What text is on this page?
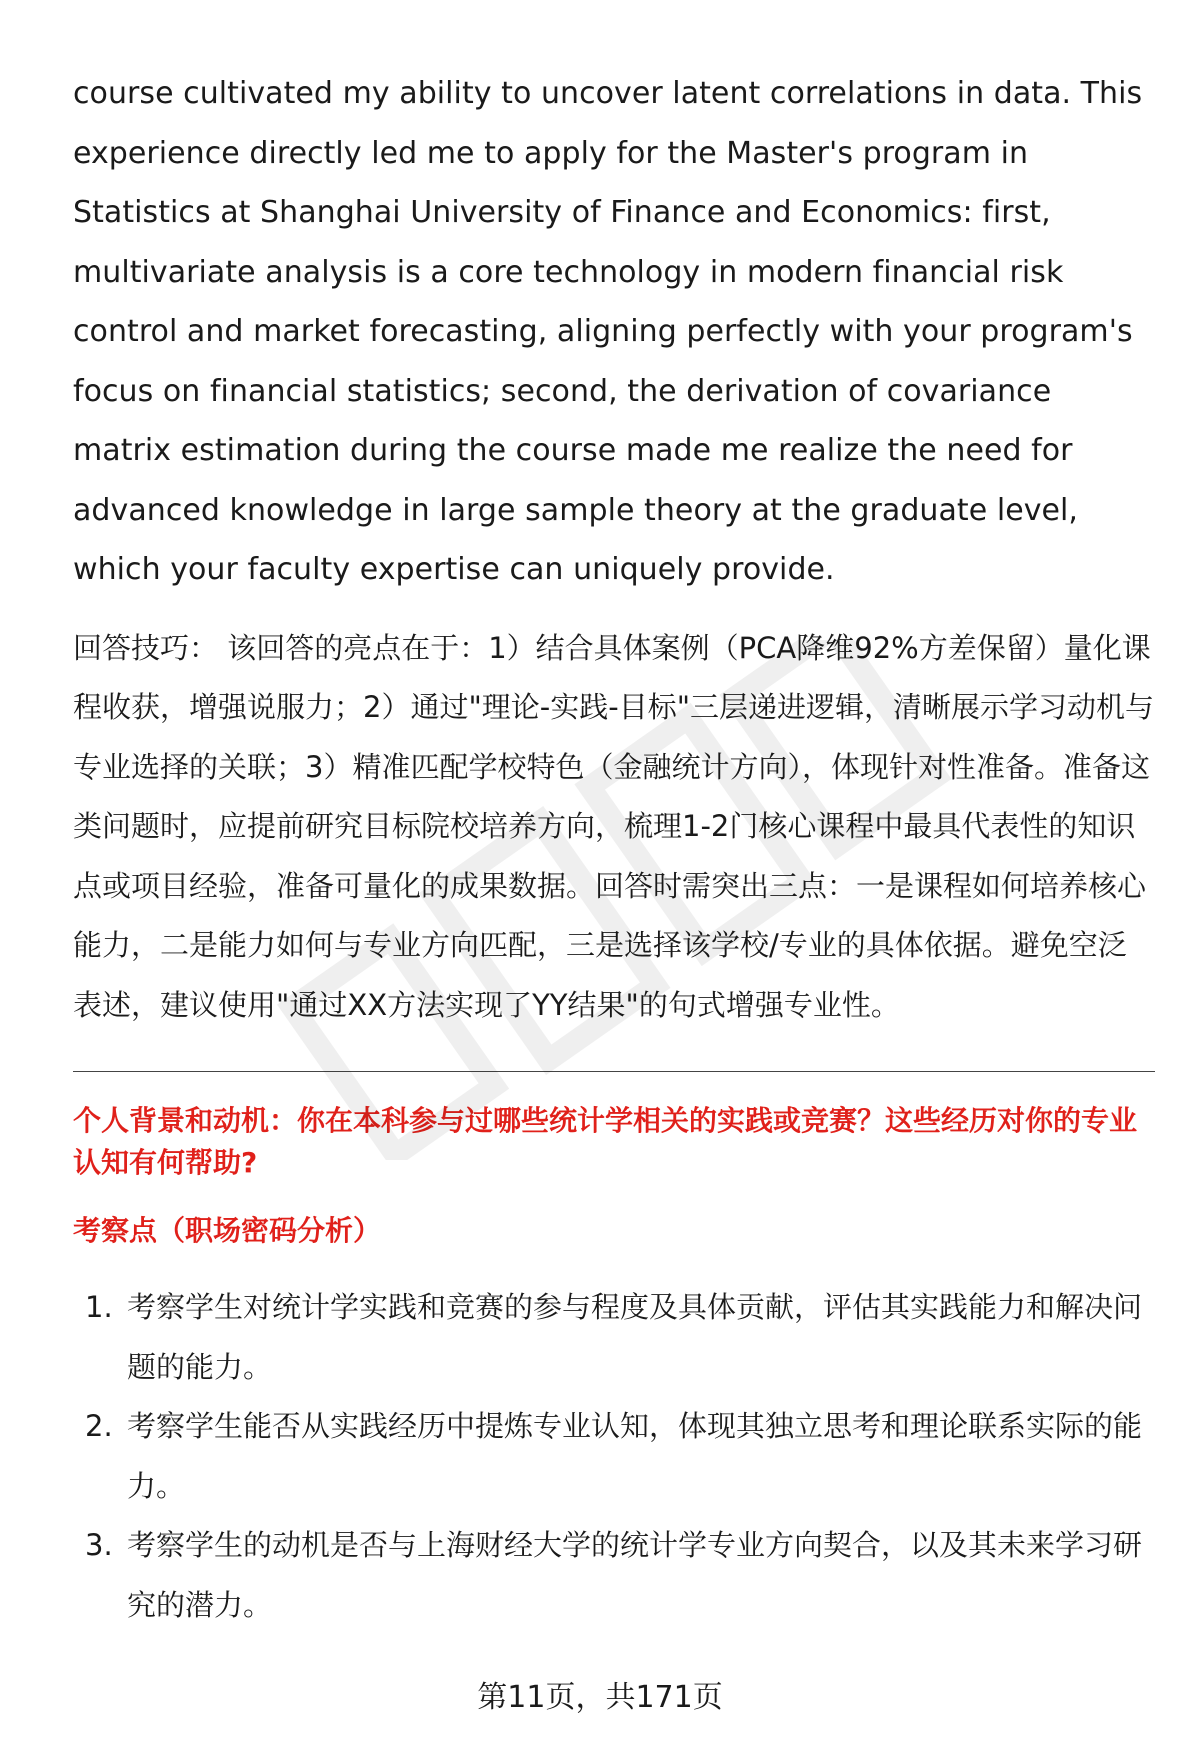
course cultivated my ability to uncover latent correlations in data. This experience directly led me to apply for the Master's program in Statistics at Shanghai University of Finance and Economics: first, multivariate analysis is a core technology in modern financial risk control and market forecasting, aligning perfectly with your program's focus on financial statistics; second, the derivation of covariance matrix estimation during the course made me realize the need for advanced knowledge in large sample theory at the graduate level, which your faculty expertise can uniquely provide.

回答技巧： 该回答的亮点在于：1）结合具体案例（PCA降维92%方差保留）量化课程收获，增强说服力；2）通过"理论-实践-目标"三层递进逻辑，清晰展示学习动机与专业选择的关联；3）精准匹配学校特色（金融统计方向），体现针对性准备。准备这类问题时，应提前研究目标院校培养方向，梳理1-2门核心课程中最具代表性的知识点或项目经验，准备可量化的成果数据。回答时需突出三点：一是课程如何培养核心能力，二是能力如何与专业方向匹配，三是选择该学校/专业的具体依据。避免空泛表述，建议使用"通过XX方法实现了YY结果"的句式增强专业性。

个人背景和动机：你在本科参与过哪些统计学相关的实践或竞赛？这些经历对你的专业认知有何帮助?
考察点（职场密码分析）
1. 考察学生对统计学实践和竞赛的参与程度及具体贡献，评估其实践能力和解决问题的能力。
2. 考察学生能否从实践经历中提炼专业认知，体现其独立思考和理论联系实际的能力。
3. 考察学生的动机是否与上海财经大学的统计学专业方向契合，以及其未来学习研究的潜力。
第11页，共171页
